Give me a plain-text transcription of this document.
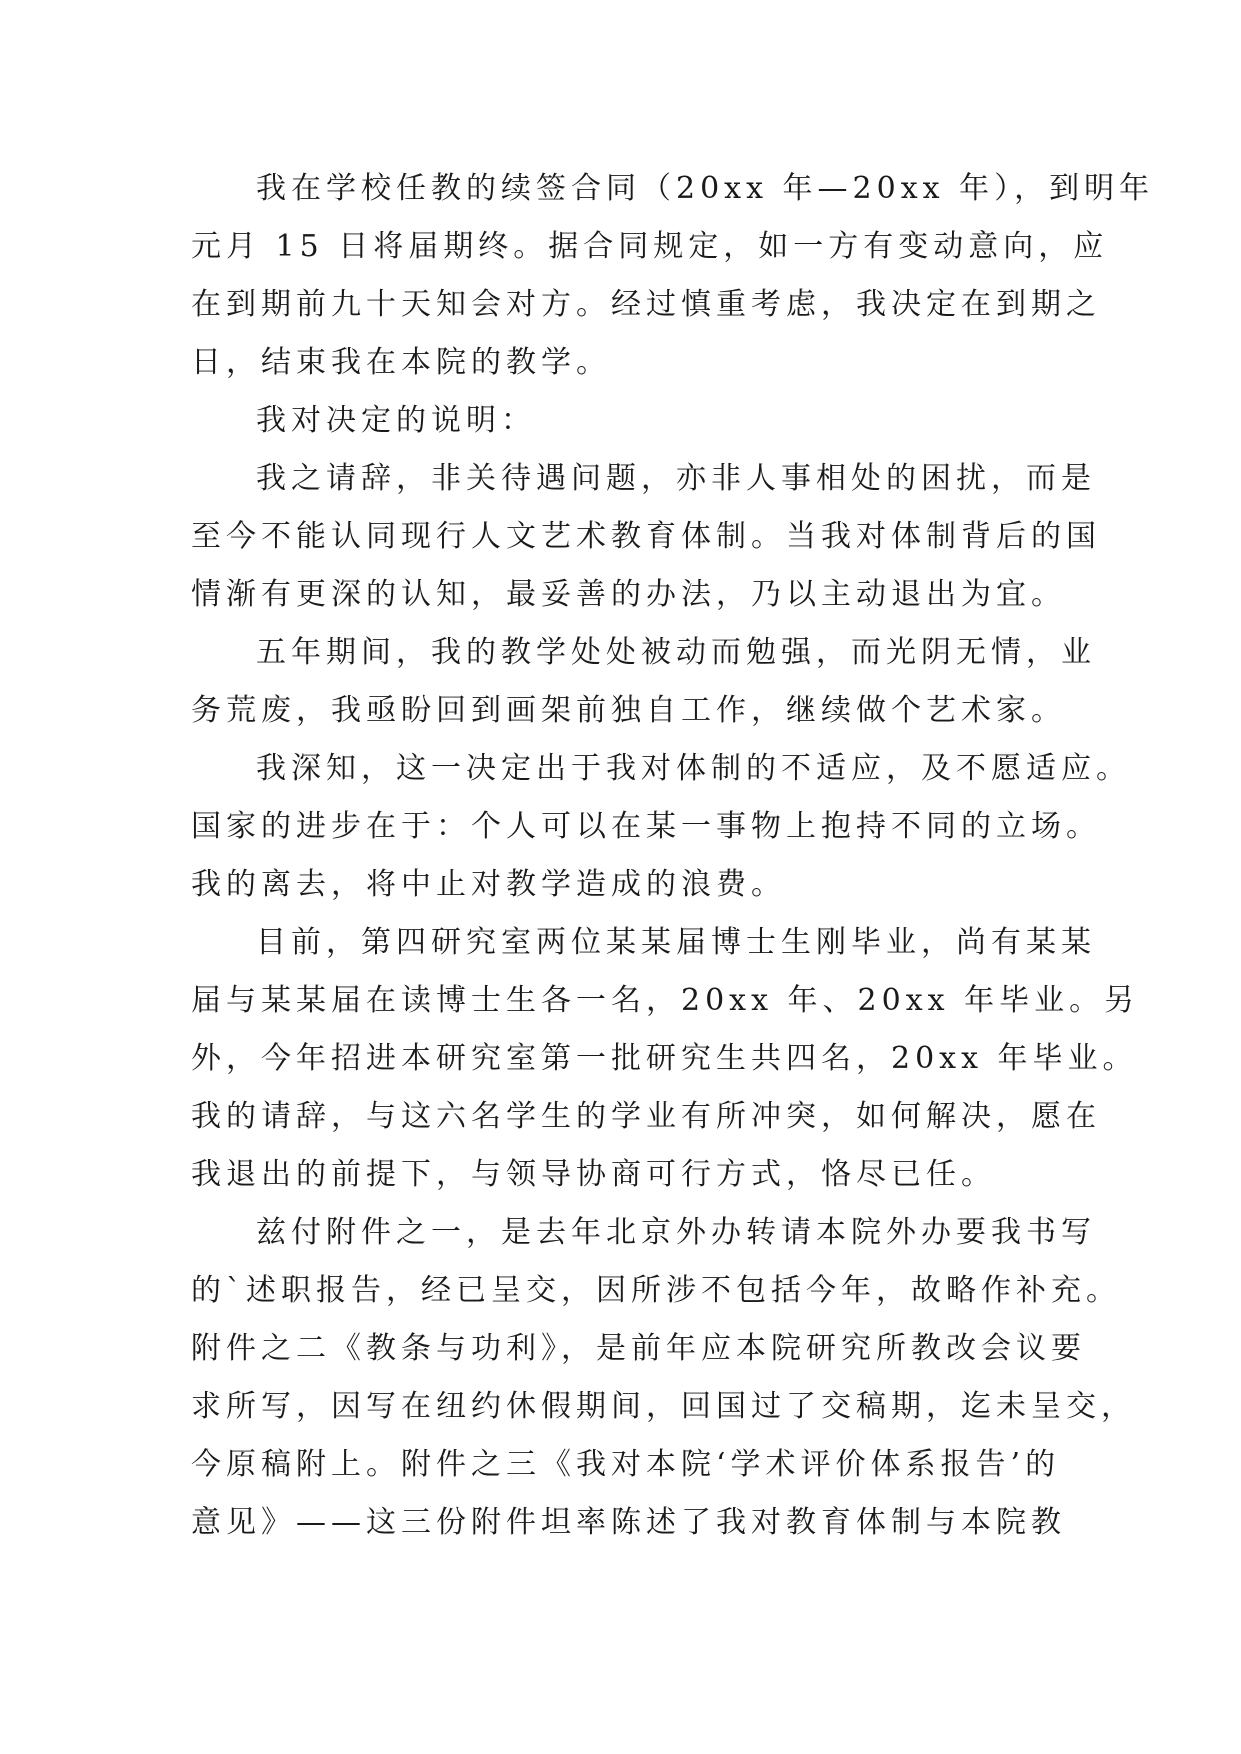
我在学校任教的续签合同（20xx 年—20xx 年），到明年
元月 15 日将届期终。据合同规定，如一方有变动意向，应
在到期前九十天知会对方。经过慎重考虑，我决定在到期之
日，结束我在本院的教学。
我对决定的说明：
我之请辞，非关待遇问题，亦非人事相处的困扰，而是
至今不能认同现行人文艺术教育体制。当我对体制背后的国
情渐有更深的认知，最妥善的办法，乃以主动退出为宜。
五年期间，我的教学处处被动而勉强，而光阴无情，业
务荒废，我亟盼回到画架前独自工作，继续做个艺术家。
我深知，这一决定出于我对体制的不适应，及不愿适应。
国家的进步在于：个人可以在某一事物上抱持不同的立场。
我的离去，将中止对教学造成的浪费。
目前，第四研究室两位某某届博士生刚毕业，尚有某某
届与某某届在读博士生各一名，20xx 年、20xx 年毕业。另
外，今年招进本研究室第一批研究生共四名，20xx 年毕业。
我的请辞，与这六名学生的学业有所冲突，如何解决，愿在
我退出的前提下，与领导协商可行方式，恪尽已任。
兹付附件之一，是去年北京外办转请本院外办要我书写
的`述职报告，经已呈交，因所涉不包括今年，故略作补充。
附件之二《教条与功利》，是前年应本院研究所教改会议要
求所写，因写在纽约休假期间，回国过了交稿期，迄未呈交，
今原稿附上。附件之三《我对本院‘学术评价体系报告’的
意见》——这三份附件坦率陈述了我对教育体制与本院教
